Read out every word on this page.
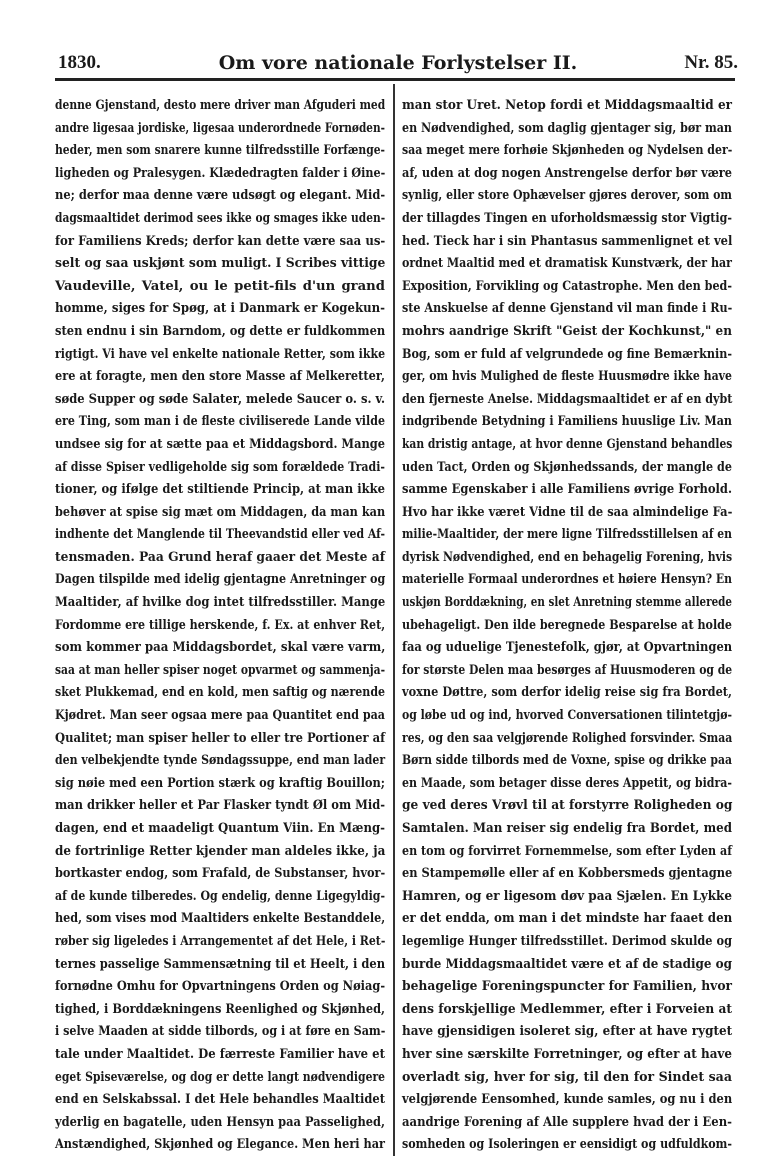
1830.	Om vore nationale Forlystelser II.	Nr. 85.
denne Gjenstand, desto mere driver man Afguderi med
andre ligesaa jordiske, ligesaa underordnede Fornøden-
heder, men som snarere kunne tilfredsstille Forfænge-
ligheden og Pralesygen. Klædedragten falder i Øine-
ne; derfor maa denne være udsøgt og elegant. Mid-
dagsmaaltidet derimod sees ikke og smages ikke uden-
for Familiens Kreds; derfor kan dette være saa us-
selt og saa uskjønt som muligt. I Scribes vittige
Vaudeville, Vatel, ou le petit-fils d'un grand
homme, siges for Spøg, at i Danmark er Kogekun-
sten endnu i sin Barndom, og dette er fuldkommen
rigtigt. Vi have vel enkelte nationale Retter, som ikke
ere at foragte, men den store Masse af Melkeretter,
søde Supper og søde Salater, melede Saucer o. s. v.
ere Ting, som man i de fleste civiliserede Lande vilde
undsee sig for at sætte paa et Middagsbord. Mange
af disse Spiser vedligeholde sig som forældede Tradi-
tioner, og ifølge det stiltiende Princip, at man ikke
behøver at spise sig mæt om Middagen, da man kan
indhente det Manglende til Theevandstid eller ved Af-
tensmaden. Paa Grund heraf gaaer det Meste af
Dagen tilspilde med idelig gjentagne Anretninger og
Maaltider, af hvilke dog intet tilfredsstiller. Mange
Fordomme ere tillige herskende, f. Ex. at enhver Ret,
som kommer paa Middagsbordet, skal være varm,
saa at man heller spiser noget opvarmet og sammenja-
sket Plukkemad, end en kold, men saftig og nærende
Kjødret. Man seer ogsaa mere paa Quantitet end paa
Qualitet; man spiser heller to eller tre Portioner af
den velbekjendte tynde Søndagssuppe, end man lader
sig nøie med een Portion stærk og kraftig Bouillon;
man drikker heller et Par Flasker tyndt Øl om Mid-
dagen, end et maadeligt Quantum Viin. En Mæng-
de fortrinlige Retter kjender man aldeles ikke, ja
bortkaster endog, som Frafald, de Substanser, hvor-
af de kunde tilberedes. Og endelig, denne Ligegyldig-
hed, som vises mod Maaltiders enkelte Bestanddele,
røber sig ligeledes i Arrangementet af det Hele, i Ret-
ternes passelige Sammensætning til et Heelt, i den
fornødne Omhu for Opvartningens Orden og Nøiag-
tighed, i Borddækningens Reenlighed og Skjønhed,
i selve Maaden at sidde tilbords, og i at føre en Sam-
tale under Maaltidet. De færreste Familier have et
eget Spiseværelse, og dog er dette langt nødvendigere
end en Selskabssal. I det Hele behandles Maaltidet
yderlig en bagatelle, uden Hensyn paa Passelighed,
Anstændighed, Skjønhed og Elegance. Men heri har
man stor Uret. Netop fordi et Middagsmaaltid er
en Nødvendighed, som daglig gjentager sig, bør man
saa meget mere forhøie Skjønheden og Nydelsen der-
af, uden at dog nogen Anstrengelse derfor bør være
synlig, eller store Ophævelser gjøres derover, som om
der tillagdes Tingen en uforholdsmæssig stor Vigtig-
hed. Tieck har i sin Phantasus sammenlignet et vel
ordnet Maaltid med et dramatisk Kunstværk, der har
Exposition, Forvikling og Catastrophe. Men den bed-
ste Anskuelse af denne Gjenstand vil man finde i Ru-
mohrs aandrige Skrift "Geist der Kochkunst," en
Bog, som er fuld af velgrundede og fine Bemærknin-
ger, om hvis Mulighed de fleste Huusmødre ikke have
den fjerneste Anelse. Middagsmaaltidet er af en dybt
indgribende Betydning i Familiens huuslige Liv. Man
kan dristig antage, at hvor denne Gjenstand behandles
uden Tact, Orden og Skjønhedssands, der mangle de
samme Egenskaber i alle Familiens øvrige Forhold.
Hvo har ikke været Vidne til de saa almindelige Fa-
milie-Maaltider, der mere ligne Tilfredsstillelsen af en
dyrisk Nødvendighed, end en behagelig Forening, hvis
materielle Formaal underordnes et høiere Hensyn? En
uskjøn Borddækning, en slet Anretning stemme allerede
ubehageligt. Den ilde beregnede Besparelse at holde
faa og uduelige Tjenestefolk, gjør, at Opvartningen
for største Delen maa besørges af Huusmoderen og de
voxne Døttre, som derfor idelig reise sig fra Bordet,
og løbe ud og ind, hvorved Conversationen tilintetgjø-
res, og den saa velgjørende Rolighed forsvinder. Smaa
Børn sidde tilbords med de Voxne, spise og drikke paa
en Maade, som betager disse deres Appetit, og bidra-
ge ved deres Vrøvl til at forstyrre Roligheden og
Samtalen. Man reiser sig endelig fra Bordet, med
en tom og forvirret Fornemmelse, som efter Lyden af
en Stampemølle eller af en Kobbersmeds gjentagne
Hamren, og er ligesom døv paa Sjælen. En Lykke
er det endda, om man i det mindste har faaet den
legemlige Hunger tilfredsstillet. Derimod skulde og
burde Middagsmaaltidet være et af de stadige og
behagelige Foreningspuncter for Familien, hvor
dens forskjellige Medlemmer, efter i Forveien at
have gjensidigen isoleret sig, efter at have rygtet
hver sine særskilte Forretninger, og efter at have
overladt sig, hver for sig, til den for Sindet saa
velgjørende Eensomhed, kunde samles, og nu i den
aandrige Forening af Alle supplere hvad der i Een-
somheden og Isoleringen er eensidigt og udfuldkom-
